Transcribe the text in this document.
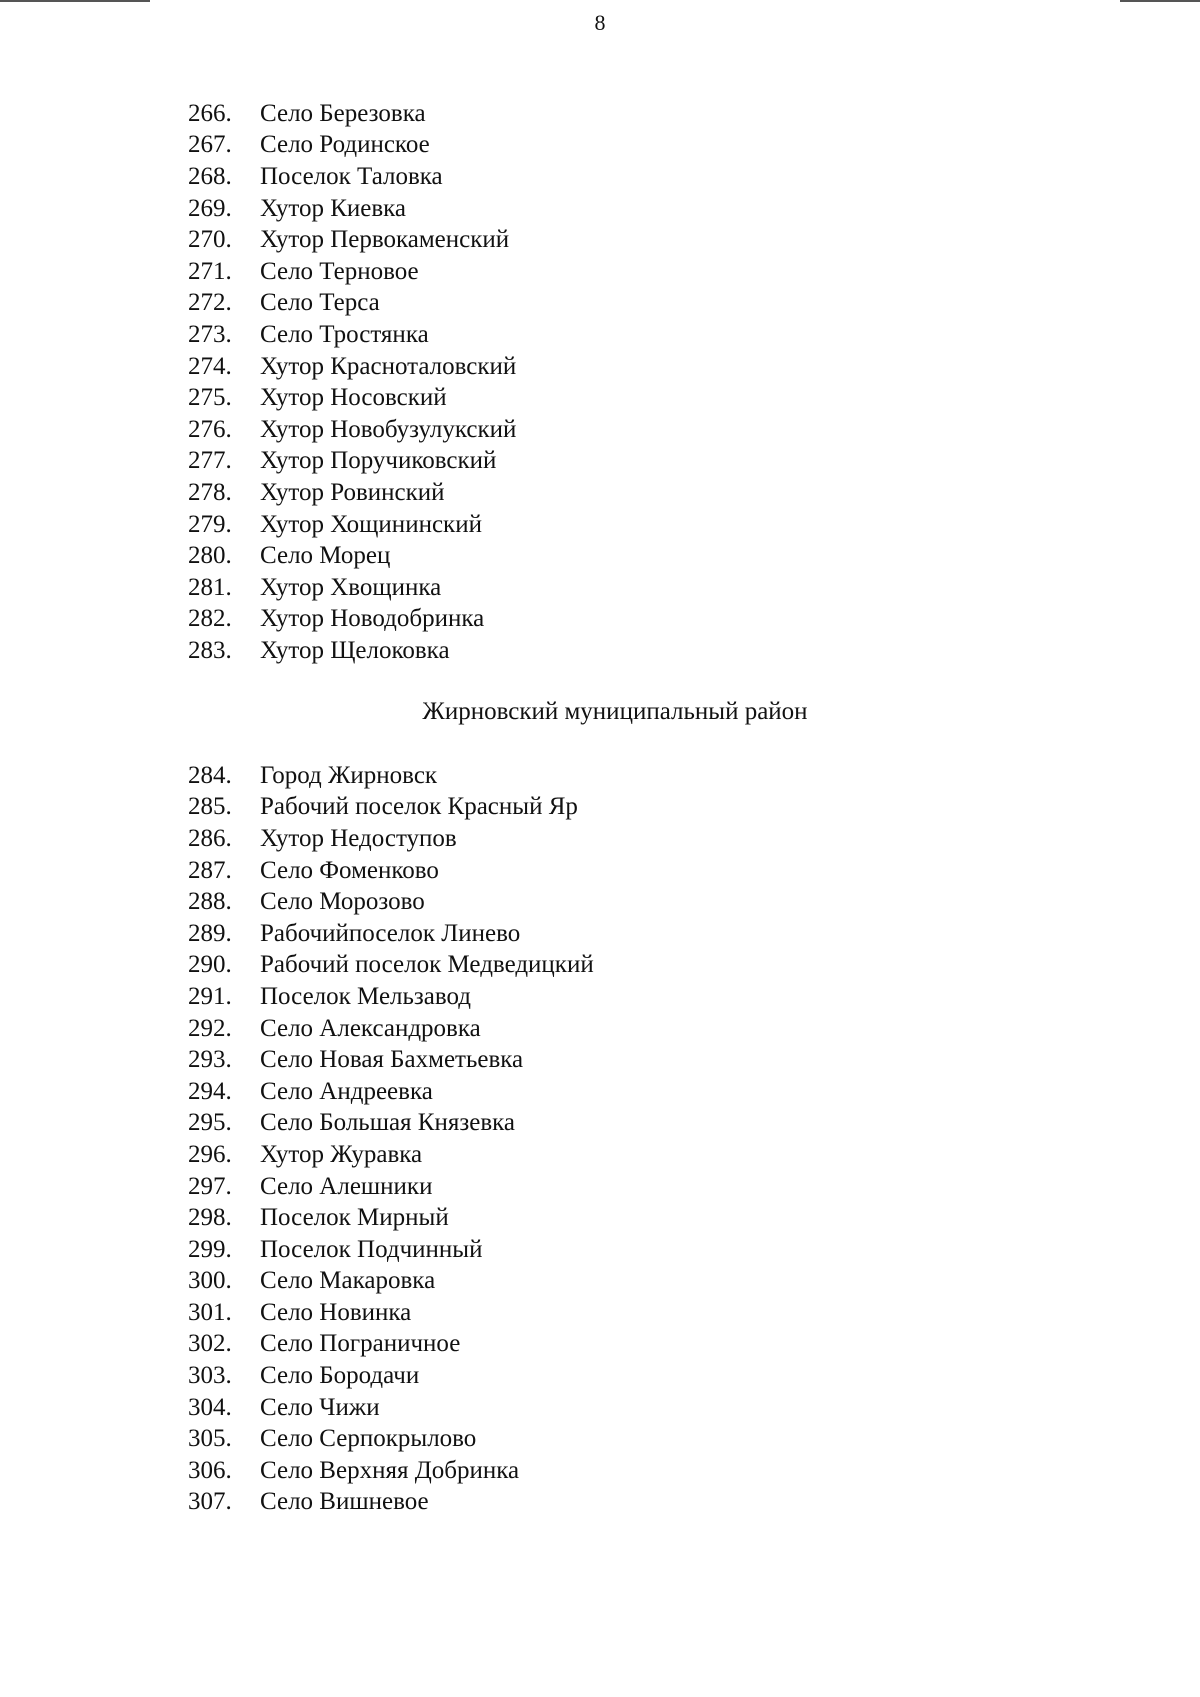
8
266.	Село Березовка
267.	Село Родинское
268.	Поселок Таловка
269.	Хутор Киевка
270.	Хутор Первокаменский
271.	Село Терновое
272.	Село Терса
273.	Село Тростянка
274.	Хутор Красноталовский
275.	Хутор Носовский
276.	Хутор Новобузулукский
277.	Хутор Поручиковский
278.	Хутор Ровинский
279.	Хутор Хощининский
280.	Село Морец
281.	Хутор Хвощинка
282.	Хутор Новодобринка
283.	Хутор Щелоковка
Жирновский муниципальный район
284.	Город Жирновск
285.	Рабочий поселок Красный Яр
286.	Хутор Недоступов
287.	Село Фоменково
288.	Село Морозово
289.	Рабочийпоселок Линево
290.	Рабочий поселок Медведицкий
291.	Поселок Мельзавод
292.	Село Александровка
293.	Село Новая Бахметьевка
294.	Село Андреевка
295.	Село Большая Князевка
296.	Хутор Журавка
297.	Село Алешники
298.	Поселок Мирный
299.	Поселок Подчинный
300.	Село Макаровка
301.	Село Новинка
302.	Село Пограничное
303.	Село Бородачи
304.	Село Чижи
305.	Село Серпокрылово
306.	Село Верхняя Добринка
307.	Село Вишневое
